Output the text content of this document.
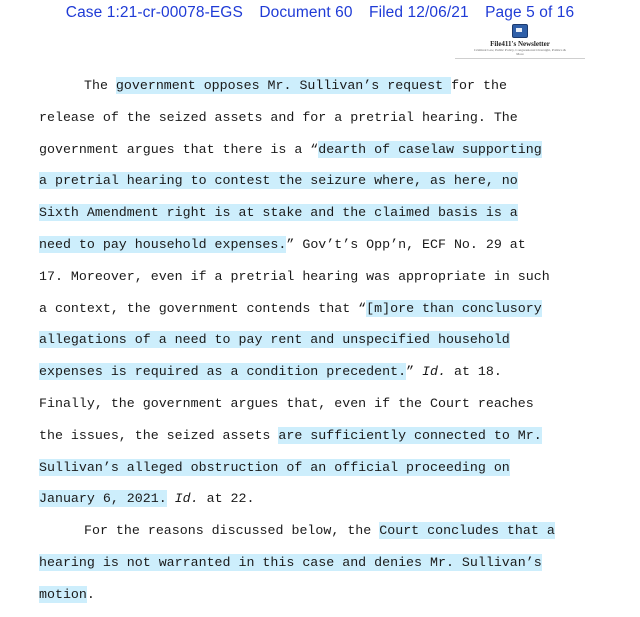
Case 1:21-cr-00078-EGS Document 60 Filed 12/06/21 Page 5 of 16
File411's Newsletter
Criminal Law, Public Policy, Congressional Oversight, Politics & More
The government opposes Mr. Sullivan’s request for the
release of the seized assets and for a pretrial hearing. The
government argues that there is a “dearth of caselaw supporting
a pretrial hearing to contest the seizure where, as here, no
Sixth Amendment right is at stake and the claimed basis is a
need to pay household expenses.” Gov’t’s Opp’n, ECF No. 29 at
17. Moreover, even if a pretrial hearing was appropriate in such
a context, the government contends that “[m]ore than conclusory
allegations of a need to pay rent and unspecified household
expenses is required as a condition precedent.” Id. at 18.
Finally, the government argues that, even if the Court reaches
the issues, the seized assets are sufficiently connected to Mr.
Sullivan’s alleged obstruction of an official proceeding on
January 6, 2021. Id. at 22.
For the reasons discussed below, the Court concludes that a
hearing is not warranted in this case and denies Mr. Sullivan’s
motion.
